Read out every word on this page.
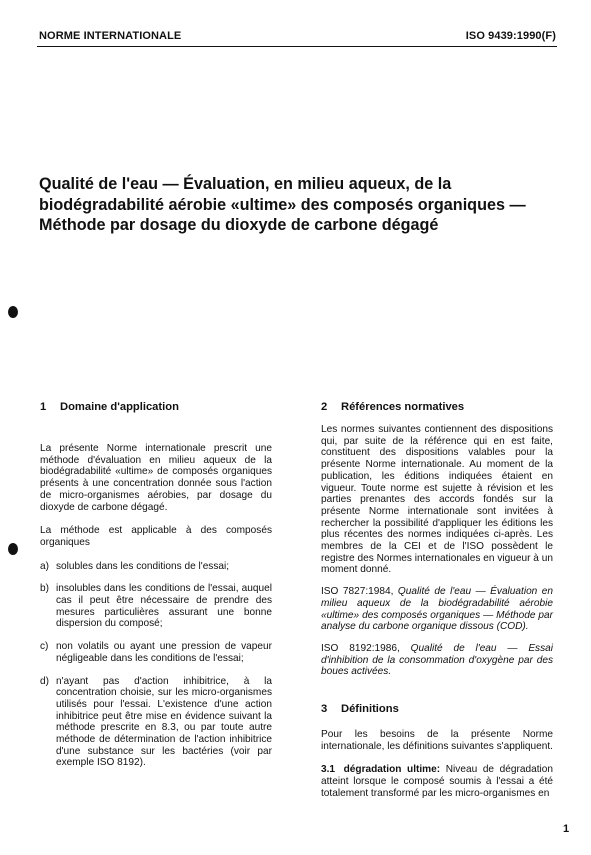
NORME INTERNATIONALE	ISO 9439:1990(F)
Qualité de l'eau — Évaluation, en milieu aqueux, de la biodégradabilité aérobie «ultime» des composés organiques — Méthode par dosage du dioxyde de carbone dégagé
1 Domaine d'application

La présente Norme internationale prescrit une méthode d'évaluation en milieu aqueux de la biodégradabilité «ultime» de composés organiques présents à une concentration donnée sous l'action de micro-organismes aérobies, par dosage du dioxyde de carbone dégagé.

La méthode est applicable à des composés organiques

a) solubles dans les conditions de l'essai;
b) insolubles dans les conditions de l'essai, auquel cas il peut être nécessaire de prendre des mesures particulières assurant une bonne dispersion du composé;
c) non volatils ou ayant une pression de vapeur négligeable dans les conditions de l'essai;
d) n'ayant pas d'action inhibitrice, à la concentration choisie, sur les micro-organismes utilisés pour l'essai. L'existence d'une action inhibitrice peut être mise en évidence suivant la méthode prescrite en 8.3, ou par toute autre méthode de détermination de l'action inhibitrice d'une substance sur les bactéries (voir par exemple ISO 8192).
2 Références normatives

Les normes suivantes contiennent des dispositions qui, par suite de la référence qui en est faite, constituent des dispositions valables pour la présente Norme internationale. Au moment de la publication, les éditions indiquées étaient en vigueur. Toute norme est sujette à révision et les parties prenantes des accords fondés sur la présente Norme internationale sont invitées à rechercher la possibilité d'appliquer les éditions les plus récentes des normes indiquées ci-après. Les membres de la CEI et de l'ISO possèdent le registre des Normes internationales en vigueur à un moment donné.

ISO 7827:1984, Qualité de l'eau — Évaluation en milieu aqueux de la biodégradabilité aérobie «ultime» des composés organiques — Méthode par analyse du carbone organique dissous (COD).

ISO 8192:1986, Qualité de l'eau — Essai d'inhibition de la consommation d'oxygène par des boues activées.

3 Définitions

Pour les besoins de la présente Norme internationale, les définitions suivantes s'appliquent.

3.1 dégradation ultime: Niveau de dégradation atteint lorsque le composé soumis à l'essai a été totalement transformé par les micro-organismes en

1
